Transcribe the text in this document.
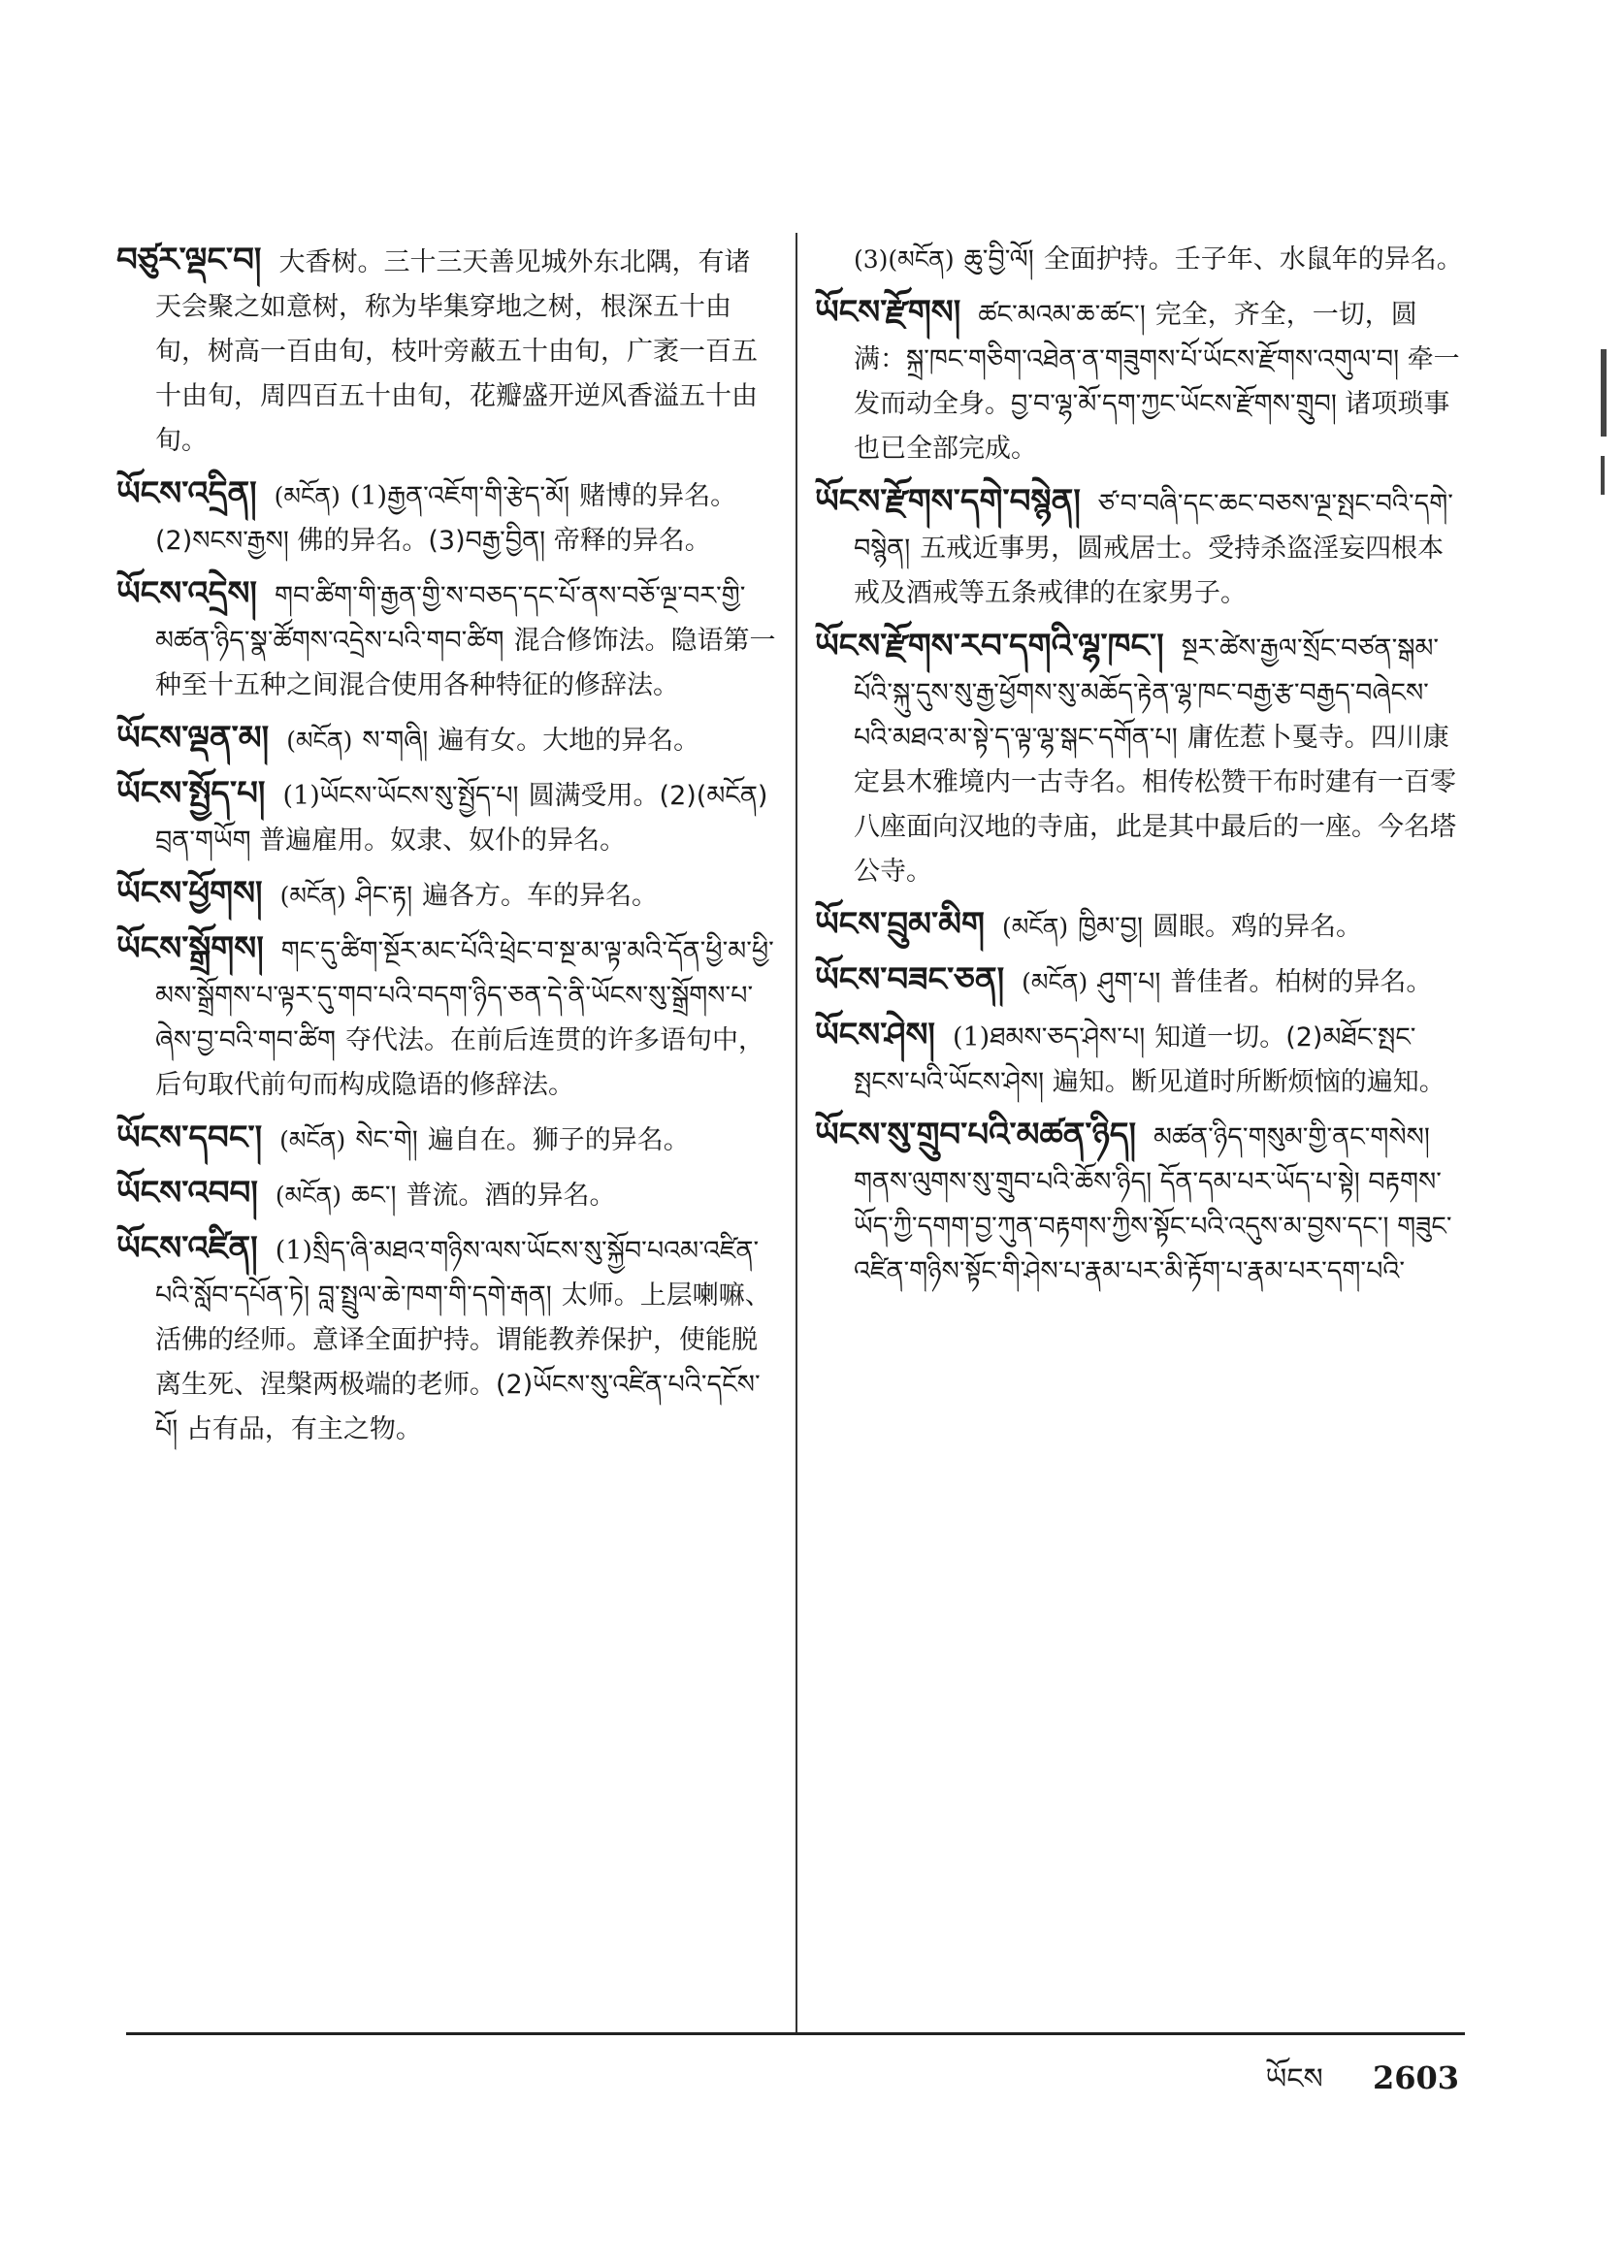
བཙུར་ལྡང་བ། 大香树。三十三天善见城外东北隅，有诸天会聚之如意树，称为毕集穿地之树，根深五十由旬，树高一百由旬，枝叶旁蔽五十由旬，广袤一百五十由旬，周四百五十由旬，花瓣盛开逆风香溢五十由旬。
ཡོངས་འདྲིན། (མངོན) (1)རྒྱན་འཇོག་གི་རྩེད་མོ། 赌博的异名。(2)སངས་རྒྱས། 佛的异名。(3)བརྒྱ་བྱིན། 帝释的异名。
ཡོངས་འདྲེས། གབ་ཚིག་གི་རྒྱན་གྱི་ས་བཅད་དང་པོ་ནས་བཅོ་ལྔ་བར་གྱི་མཚན་ཉིད་སྣ་ཚོགས་འདྲེས་པའི་གབ་ཚིག 混合修饰法。隐语第一种至十五种之间混合使用各种特征的修辞法。
ཡོངས་ལྡན་མ། (མངོན) ས་གཞི། 遍有女。大地的异名。
ཡོངས་སྤྱོད་པ། (1)ཡོངས་ཡོངས་སུ་སྤྱོད་པ། 圆满受用。(2)(མངོན) བྲན་གཡོག 普遍雇用。奴隶、奴仆的异名。
ཡོངས་ཕྱོགས། (མངོན) ཤིང་རྟ། 遍各方。车的异名。
ཡོངས་སྒྲོགས། གང་དུ་ཚིག་སྔོར་མང་པོའི་ཕྲེང་བ་སྔ་མ་ལྟ་མའི་དོན་ཕྱི་མ་ཕྱི་མས་སྒྲོགས་པ་ལྟར་དུ་གབ་པའི་བདག་ཉིད་ཅན་དེ་ནི་ཡོངས་སུ་སྒྲོགས་པ་ཞེས་བྱ་བའི་གབ་ཚིག 夺代法。在前后连贯的许多语句中，后句取代前句而构成隐语的修辞法。
ཡོངས་དབང་། (མངོན) སེང་གེ། 遍自在。狮子的异名。
ཡོངས་འབབ། (མངོན) ཆང་། 普流。酒的异名。
ཡོངས་འཛིན། (1)སྲིད་ཞི་མཐའ་གཉིས་ལས་ཡོངས་སུ་སྐྱོབ་པའམ་འཛིན་པའི་སློབ་དཔོན་ཏེ། བླ་སྤྲུལ་ཆེ་ཁག་གི་དགེ་རྒན། 太师。上层喇嘛、活佛的经师。意译全面护持。谓能教养保护，使能脱离生死、涅槃两极端的老师。(2)ཡོངས་སུ་འཛིན་པའི་དངོས་པོ། 占有品，有主之物。
(3)(མངོན) ཆུ་བྱི་ལོ། 全面护持。壬子年、水鼠年的异名。
ཡོངས་རྫོགས། ཚང་མའམ་ཆ་ཚང་། 完全，齐全，一切，圆满：སྐྲ་ཁང་གཅིག་འཐེན་ན་གཟུགས་པོ་ཡོངས་རྫོགས་འགུལ་བ། 牵一发而动全身。བྱ་བ་ལྷ་མོ་དག་ཀྱང་ཡོངས་རྫོགས་གྲུབ། 诸项琐事也已全部完成。
ཡོངས་རྫོགས་དགེ་བསྙེན། ཙ་བ་བཞི་དང་ཆང་བཅས་ལྔ་སྤང་བའི་དགེ་བསྙེན། 五戒近事男，圆戒居士。受持杀盗淫妄四根本戒及酒戒等五条戒律的在家男子。
ཡོངས་རྫོགས་རབ་དགའི་ལྷ་ཁང་། སྔར་ཚེས་རྒྱལ་སྲོང་བཙན་སྒམ་པོའི་སྐུ་དུས་སུ་རྒྱ་ཕྱོགས་སུ་མཆོད་རྟེན་ལྷ་ཁང་བརྒྱ་རྩ་བརྒྱད་བཞེངས་པའི་མཐའ་མ་སྟེ་ད་ལྟ་ལྷ་སྒང་དགོན་པ། 庸佐惹卜戛寺。四川康定县木雅境内一古寺名。相传松赞干布时建有一百零八座面向汉地的寺庙，此是其中最后的一座。今名塔公寺。
ཡོངས་བྲུམ་མིག (མངོན) ཁྱིམ་བྱ། 圆眼。鸡的异名。
ཡོངས་བཟང་ཅན། (མངོན) ཤུག་པ། 普佳者。柏树的异名。
ཡོངས་ཤེས། (1)ཐམས་ཅད་ཤེས་པ། 知道一切。(2)མཐོང་སྤང་སྤངས་པའི་ཡོངས་ཤེས། 遍知。断见道时所断烦恼的遍知。
ཡོངས་སུ་གྲུབ་པའི་མཚན་ཉིད། མཚན་ཉིད་གསུམ་གྱི་ནང་གསེས། གནས་ལུགས་སུ་གྲུབ་པའི་ཆོས་ཉིད། དོན་དམ་པར་ཡོད་པ་སྟེ། བརྟགས་ཡོད་ཀྱི་དགག་བྱ་ཀུན་བརྟགས་ཀྱིས་སྟོང་པའི་འདུས་མ་བྱས་དང་། གཟུང་འཛིན་གཉིས་སྟོང་གི་ཤེས་པ་རྣམ་པར་མི་རྟོག་པ་རྣམ་པར་དག་པའི་
ཡོངས 2603
